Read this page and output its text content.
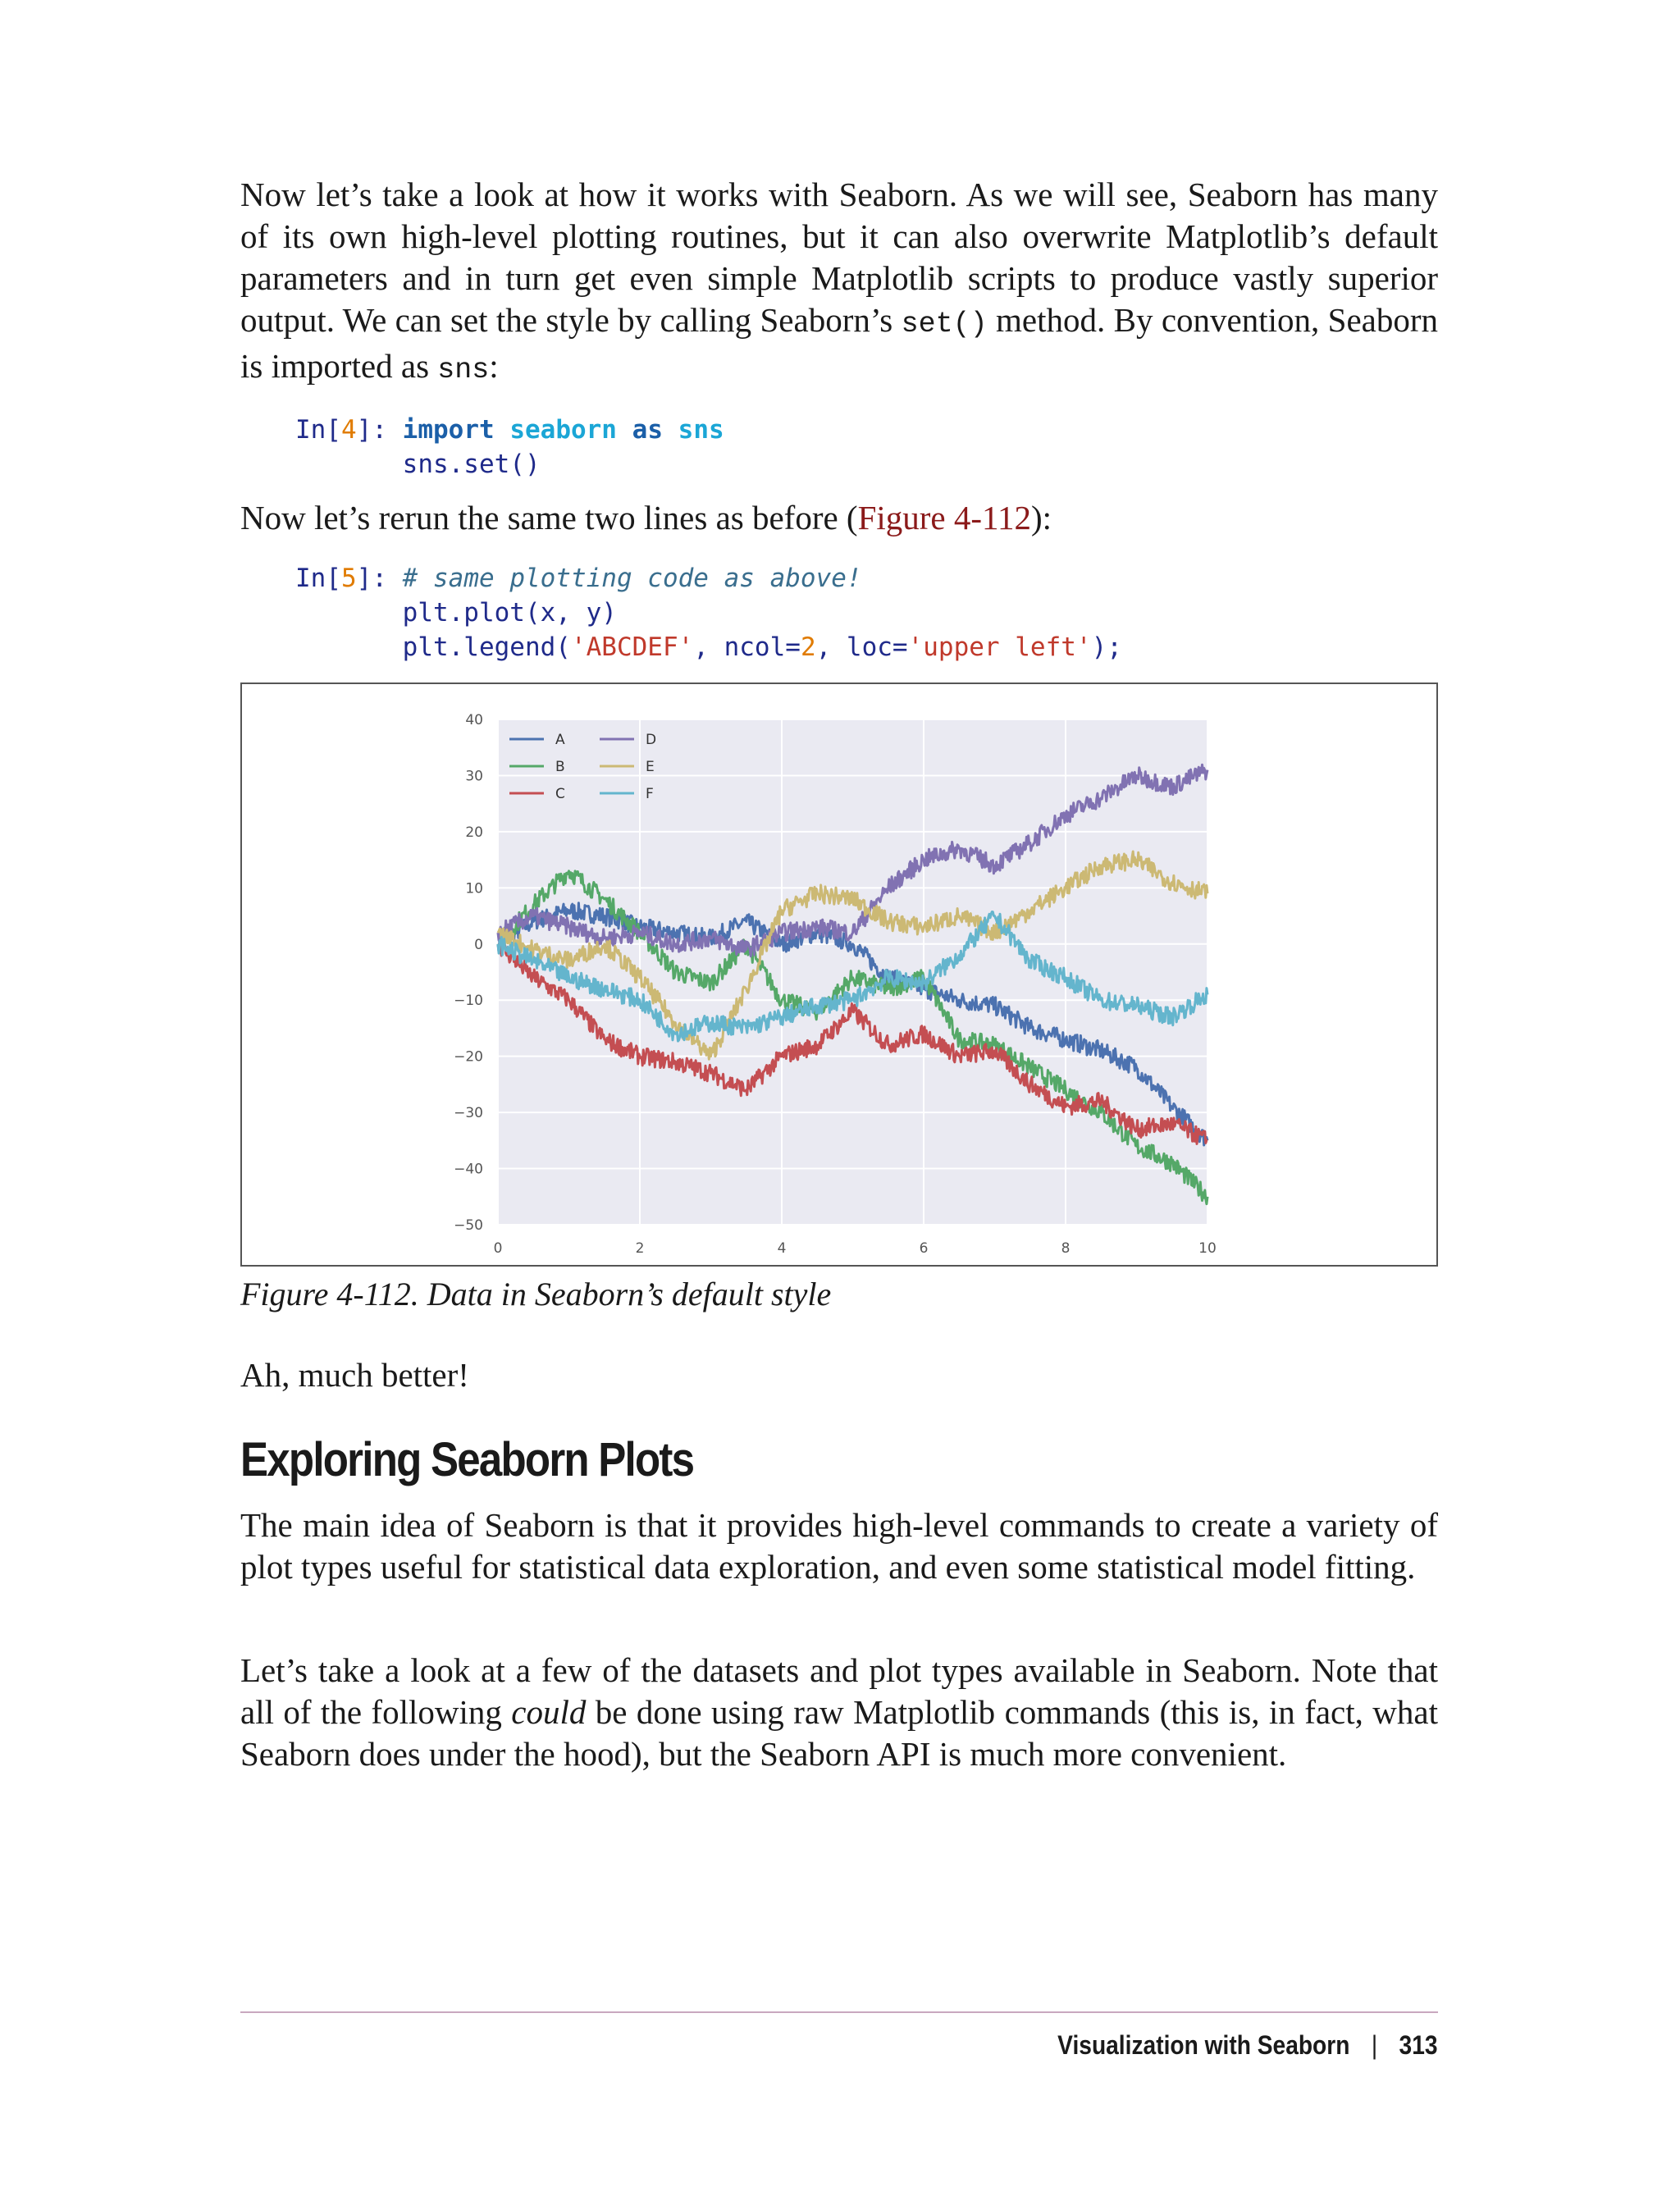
Now let’s take a look at how it works with Seaborn. As we will see, Seaborn has many of its own high-level plotting routines, but it can also overwrite Matplotlib’s default parameters and in turn get even simple Matplotlib scripts to produce vastly superior output. We can set the style by calling Seaborn’s set() method. By convention, Seaborn is imported as sns:

In[4]: import seaborn as sns
sns.set()

Now let’s rerun the same two lines as before (Figure 4-112):

In[5]: # same plotting code as above!
plt.plot(x, y)
plt.legend('ABCDEF', ncol=2, loc='upper left');
0	2	4	6	8	10
40
30
20
10
0
−10
−20
−30
−40
−50
A
B
C
D
E
F

Figure 4-112. Data in Seaborn’s default style

Ah, much better!

Exploring Seaborn Plots

The main idea of Seaborn is that it provides high-level commands to create a variety of plot types useful for statistical data exploration, and even some statistical model fitting.

Let’s take a look at a few of the datasets and plot types available in Seaborn. Note that all of the following could be done using raw Matplotlib commands (this is, in fact, what Seaborn does under the hood), but the Seaborn API is much more convenient.

Visualization with Seaborn | 313
